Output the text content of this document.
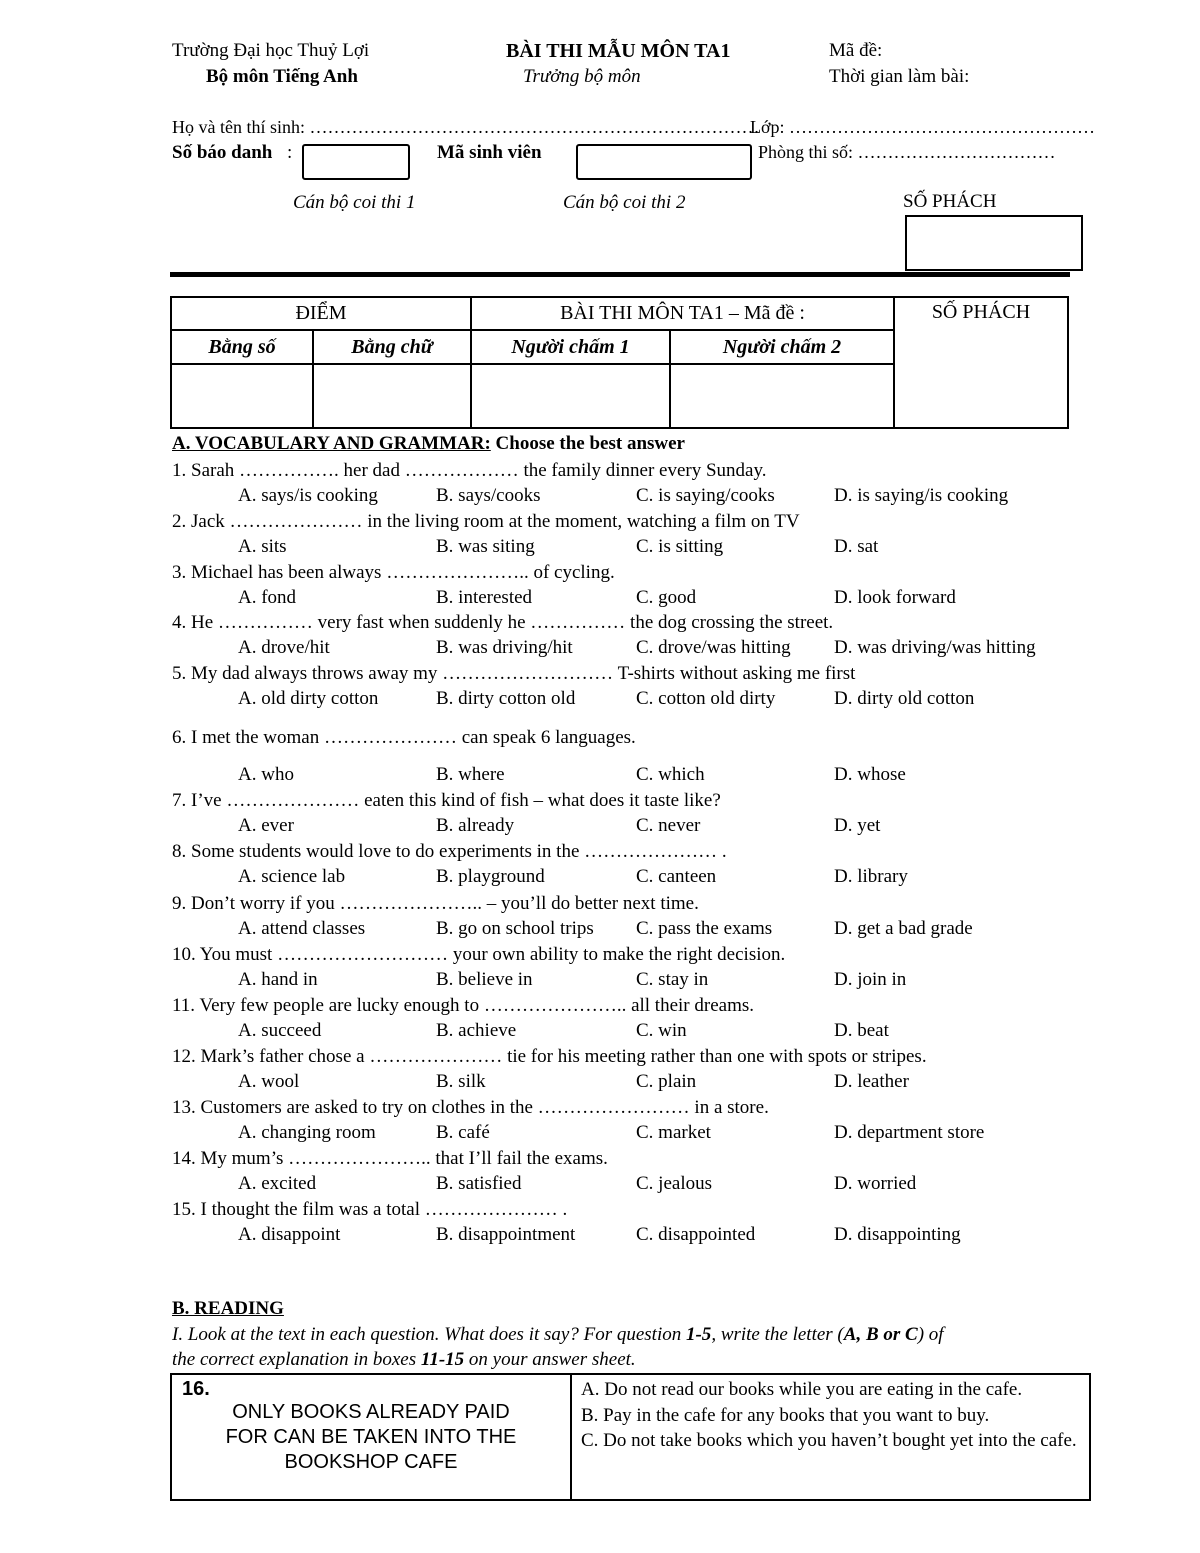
Trường Đại học Thuỷ Lợi
Bộ môn Tiếng Anh
BÀI THI MẪU MÔN TA1
Trưởng bộ môn
Mã đề:
Thời gian làm bài:
Họ và tên thí sinh: …………………………………………………………………
Lớp: ……………………………………………
Số báo danh :	Mã sinh viên	Phòng thi số: ……………………………
Cán bộ coi thi 1	Cán bộ coi thi 2	SỐ PHÁCH
ĐIỂM		BÀI THI MÔN TA1 – Mã đề :		SỐ PHÁCH
Bằng số	Bằng chữ	Người chấm 1	Người chấm 2	

A. VOCABULARY AND GRAMMAR: Choose the best answer
1. Sarah ……………. her dad ……………… the family dinner every Sunday.
A. says/is cooking	B. says/cooks	C. is saying/cooks	D. is saying/is cooking
2. Jack ………………… in the living room at the moment, watching a film on TV
A. sits	B. was siting	C. is sitting	D. sat
3. Michael has been always ………………….. of cycling.
A. fond	B. interested	C. good	D. look forward
4. He …………… very fast when suddenly he …………… the dog crossing the street.
A. drove/hit	B. was driving/hit	C. drove/was hitting D. was driving/was hitting
5. My dad always throws away my ……………………… T-shirts without asking me first
A. old dirty cotton	B. dirty cotton old	C. cotton old dirty	D. dirty old cotton
6. I met the woman ………………… can speak 6 languages.
A. who	B. where	C. which	D. whose
7. I’ve ………………… eaten this kind of fish – what does it taste like?
A. ever	B. already	C. never	D. yet
8. Some students would love to do experiments in the ………………… .
A. science lab	B. playground	C. canteen	D. library
9. Don’t worry if you ………………….. – you’ll do better next time.
A. attend classes	B. go on school trips C. pass the exams	D. get a bad grade
10. You must ……………………… your own ability to make the right decision.
A. hand in	B. believe in	C. stay in	D. join in
11. Very few people are lucky enough to ………………….. all their dreams.
A. succeed	B. achieve	C. win	D. beat
12. Mark’s father chose a ………………… tie for his meeting rather than one with spots or stripes.
A. wool	B. silk	C. plain	D. leather
13. Customers are asked to try on clothes in the …………………… in a store.
A. changing room	B. café	C. market	D. department store
14. My mum’s ………………….. that I’ll fail the exams.
A. excited	B. satisfied	C. jealous	D. worried
15. I thought the film was a total ………………… .
A. disappoint	B. disappointment	C. disappointed	D. disappointing
B. READING
I. Look at the text in each question. What does it say? For question 1-5, write the letter (A, B or C) of
the correct explanation in boxes 11-15 on your answer sheet.
16.
ONLY BOOKS ALREADY PAID
FOR CAN BE TAKEN INTO THE
BOOKSHOP CAFE

A. Do not read our books while you are eating in the cafe.
B. Pay in the cafe for any books that you want to buy.
C. Do not take books which you haven’t bought yet into the cafe.
